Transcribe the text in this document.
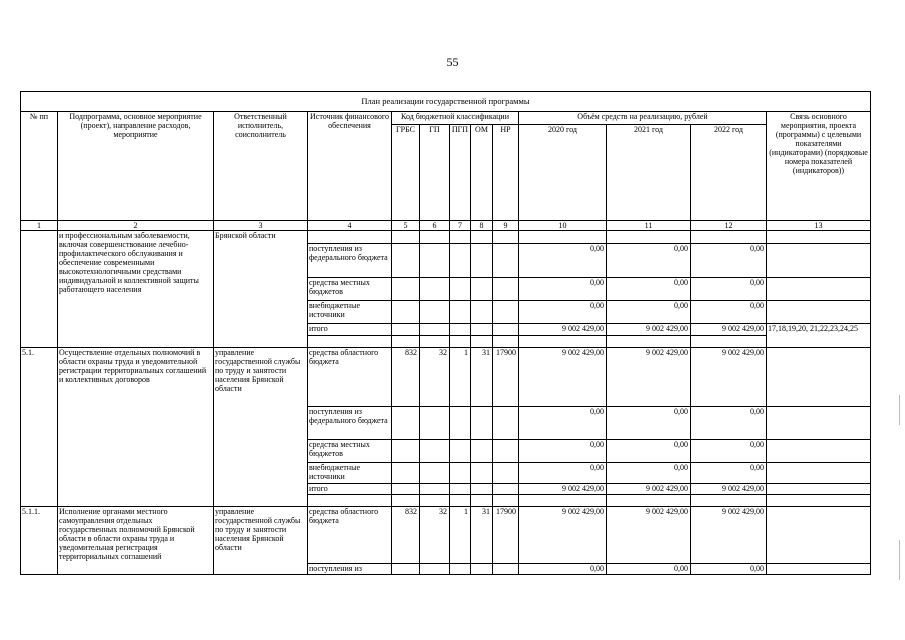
55
План реализации государственной программы												
№ пп	Подпрограмма, основное мероприятие (проект), направление расходов, мероприятие	Ответственный исполнитель, соисполнитель	Источник финансового обеспечения	Код бюджетной классификации					Объём средств на реализацию, рублей			Связь основного мероприятия, проекта (программы) с целевыми показателями (индикаторами) (порядковые номера показателей (индикаторов))
				ГРБС	ГП	ПГП	ОМ	НР	2020 год	2021 год	2022 год	
1	2	3	4	5	6	7	8	9	10	11	12	13
	и профессиональным заболеваемости, включая совершенствование лечебно-профилактического обслуживания и обеспечение современными высокотехнологичными средствами индивидуальной и коллективной защиты работающего населения	Брянской области										
			поступления из федерального бюджета						0,00	0,00	0,00	
			средства местных бюджетов						0,00	0,00	0,00	
			внебюджетные источники						0,00	0,00	0,00	
			итого						9 002 429,00	9 002 429,00	9 002 429,00	17,18,19,20, 21,22,23,24,25

5.1.	Осуществление отдельных полномочий в области охраны труда и уведомительной регистрации территориальных соглашений и коллективных договоров	управление государственной службы по труду и занятости населения Брянской области	средства областного бюджета	832	32	1	31	17900	9 002 429,00	9 002 429,00	9 002 429,00	
			поступления из федерального бюджета						0,00	0,00	0,00	
			средства местных бюджетов						0,00	0,00	0,00	
			внебюджетные источники						0,00	0,00	0,00	
			итого						9 002 429,00	9 002 429,00	9 002 429,00	

5.1.1.	Исполнение органами местного самоуправления отдельных государственных полномочий Брянской области в области охраны труда и уведомительная регистрация территориальных соглашений	управление государственной службы по труду и занятости населения Брянской области	средства областного бюджета	832	32	1	31	17900	9 002 429,00	9 002 429,00	9 002 429,00	
			поступления из						0,00	0,00	0,00	
